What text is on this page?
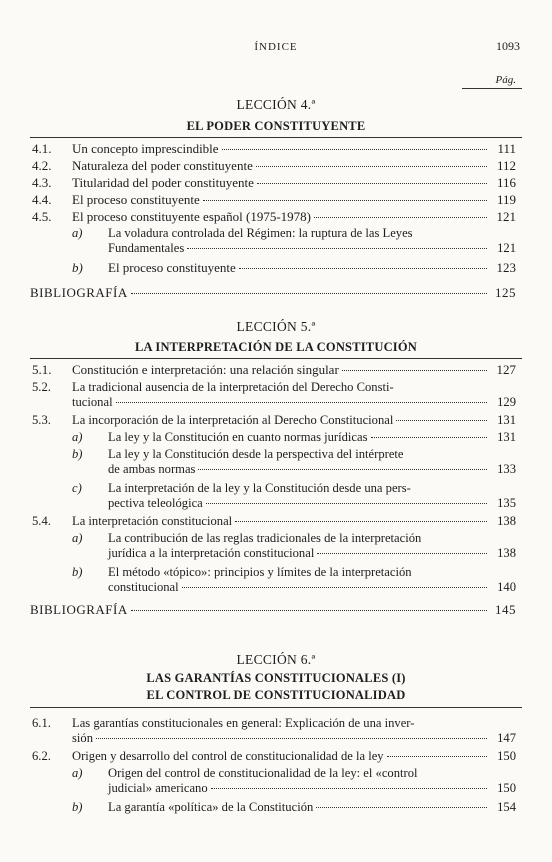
ÍNDICE	1093
Pág.
LECCIÓN 4.ª
EL PODER CONSTITUYENTE
4.1.	Un concepto imprescindible	111
4.2.	Naturaleza del poder constituyente	112
4.3.	Titularidad del poder constituyente	116
4.4.	El proceso constituyente	119
4.5.	El proceso constituyente español (1975-1978)	121
a)	La voladura controlada del Régimen: la ruptura de las Leyes
Fundamentales	121
b)	El proceso constituyente	123
BIBLIOGRAFÍA	125
LECCIÓN 5.ª
LA INTERPRETACIÓN DE LA CONSTITUCIÓN
5.1.	Constitución e interpretación: una relación singular	127
5.2.	La tradicional ausencia de la interpretación del Derecho Consti-
tucional	129
5.3.	La incorporación de la interpretación al Derecho Constitucional	131
a)	La ley y la Constitución en cuanto normas jurídicas	131
b)	La ley y la Constitución desde la perspectiva del intérprete
de ambas normas	133
c)	La interpretación de la ley y la Constitución desde una pers-
pectiva teleológica	135
5.4.	La interpretación constitucional	138
a)	La contribución de las reglas tradicionales de la interpretación
jurídica a la interpretación constitucional	138
b)	El método «tópico»: principios y límites de la interpretación
constitucional	140
BIBLIOGRAFÍA	145
LECCIÓN 6.ª
LAS GARANTÍAS CONSTITUCIONALES (I)
EL CONTROL DE CONSTITUCIONALIDAD
6.1.	Las garantías constitucionales en general: Explicación de una inver-
sión	147
6.2.	Origen y desarrollo del control de constitucionalidad de la ley	150
a)	Origen del control de constitucionalidad de la ley: el «control
judicial» americano	150
b)	La garantía «política» de la Constitución	154
